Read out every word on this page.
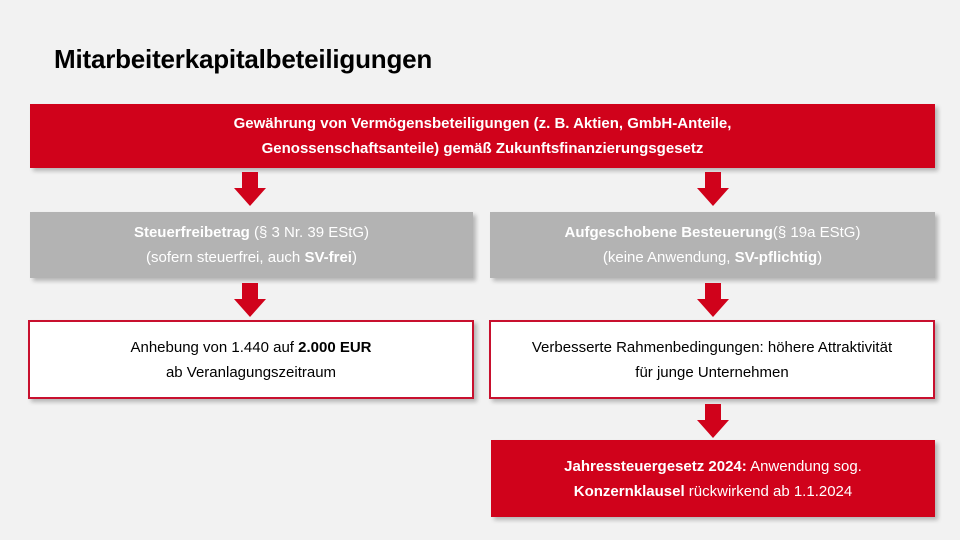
Mitarbeiterkapitalbeteiligungen
Gewährung von Vermögensbeteiligungen (z. B. Aktien, GmbH-Anteile,
Genossenschaftsanteile) gemäß Zukunftsfinanzierungsgesetz
Steuerfreibetrag (§ 3 Nr. 39 EStG)
(sofern steuerfrei, auch SV-frei)
Aufgeschobene Besteuerung(§ 19a EStG)
(keine Anwendung, SV-pflichtig)
Anhebung von 1.440 auf 2.000 EUR
ab Veranlagungszeitraum
Verbesserte Rahmenbedingungen: höhere Attraktivität
für junge Unternehmen
Jahressteuergesetz 2024: Anwendung sog.
Konzernklausel rückwirkend ab 1.1.2024
